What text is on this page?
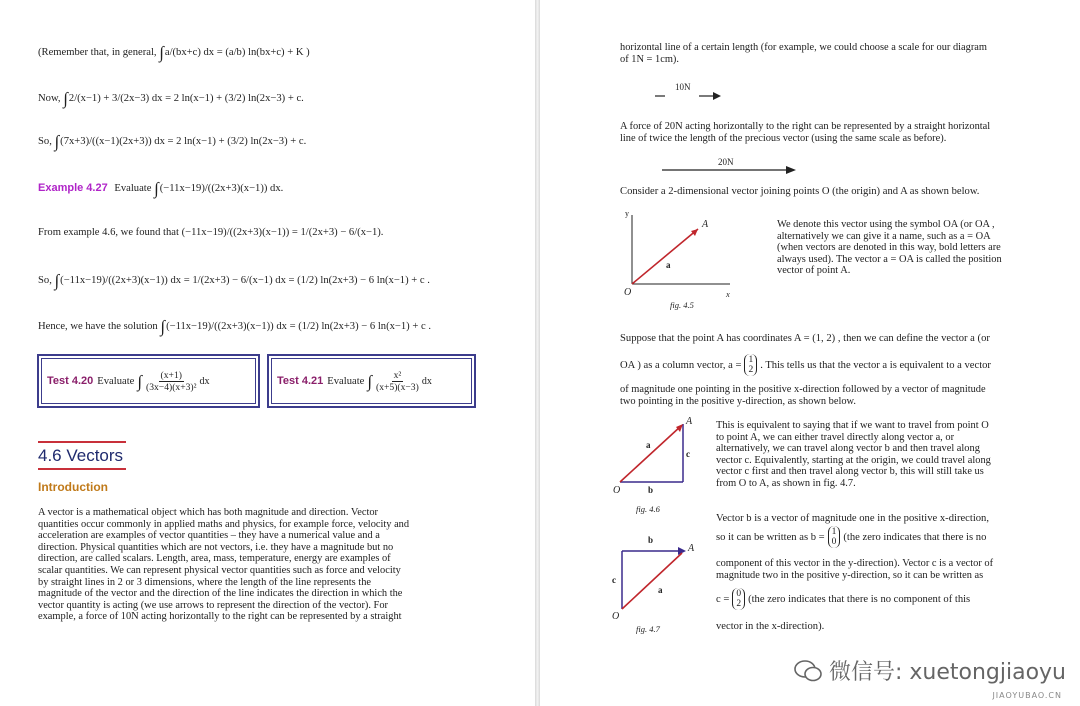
(Remember that, in general, ∫a/(bx+c) dx = (a/b) ln(bx+c) + K )
Now, ∫2/(x−1) + 3/(2x−3) dx = 2 ln(x−1) + (3/2) ln(2x−3) + c.
So, ∫(7x+3)/((x−1)(2x+3)) dx = 2 ln(x−1) + (3/2) ln(2x−3) + c.
Example 4.27 Evaluate ∫(−11x−19)/((2x+3)(x−1)) dx.
From example 4.6, we found that (−11x−19)/((2x+3)(x−1)) = 1/(2x+3) − 6/(x−1).
So, ∫(−11x−19)/((2x+3)(x−1)) dx = 1/(2x+3) − 6/(x−1) dx = (1/2) ln(2x+3) − 6 ln(x−1) + c .
Hence, we have the solution ∫(−11x−19)/((2x+3)(x−1)) dx = (1/2) ln(2x+3) − 6 ln(x−1) + c .
Test 4.20 Evaluate ∫ $\frac{(x+1)}{\text{(3x−4)(x+3)²}}$ dx	Test 4.21 Evaluate ∫ $\frac{\text{x²}}{(x+5)(x-3)}$ dx
4.6 Vectors
Introduction

A vector is a mathematical object which has both magnitude and direction. Vector

quantities occur commonly in applied maths and physics, for example force, velocity and

acceleration are examples of vector quantities – they have a numerical value and a

direction. Physical quantities which are not vectors, i.e. they have a magnitude but no

direction, are called scalars. Length, area, mass, temperature, energy are examples of

scalar quantities. We can represent physical vector quantities such as force and velocity

by straight lines in 2 or 3 dimensions, where the length of the line represents the

magnitude of the vector and the direction of the line indicates the direction in which the

vector quantity is acting (we use arrows to represent the direction of the vector). For

example, a force of 10N acting horizontally to the right can be represented by a straight

horizontal line of a certain length (for example, we could choose a scale for our diagram

of 1N = 1cm).

10N

A force of 20N acting horizontally to the right can be represented by a straight horizontal

line of twice the length of the precious vector (using the same scale as before).

20N
Consider a 2-dimensional vector joining points O (the origin) and A as shown below.
y
x
O
A
a
fig. 4.5

We denote this vector using the symbol OA (or OA ,

alternatively we can give it a name, such as a = OA

(when vectors are denoted in this way, bold letters are

always used). The vector a = OA is called the position

vector of point A.

Suppose that the point A has coordinates A = (1, 2) , then we can define the vector a (or
OA ) as a column vector, a = 1
2 . This tells us that the vector a is equivalent to a vector

of magnitude one pointing in the positive x-direction followed by a vector of magnitude

two pointing in the positive y-direction, as shown below.

O
A
a
c
b
fig. 4.6

This is equivalent to saying that if we want to travel from point O

to point A, we can either travel directly along vector a, or

alternatively, we can travel along vector b and then travel along

vector c. Equivalently, starting at the origin, we could travel along

vector c first and then travel along vector b, this will still take us

from O to A, as shown in fig. 4.7.

Vector b is a vector of magnitude one in the positive x-direction,
so it can be written as b = 1
0 (the zero indicates that there is no

component of this vector in the y-direction). Vector c is a vector of

magnitude two in the positive y-direction, so it can be written as

c = 0
2 (the zero indicates that there is no component of this
vector in the x-direction).
O
A
b
c
a
fig. 4.7
微信号: xuetongjiaoyu
JIAOYUBAO.CN
